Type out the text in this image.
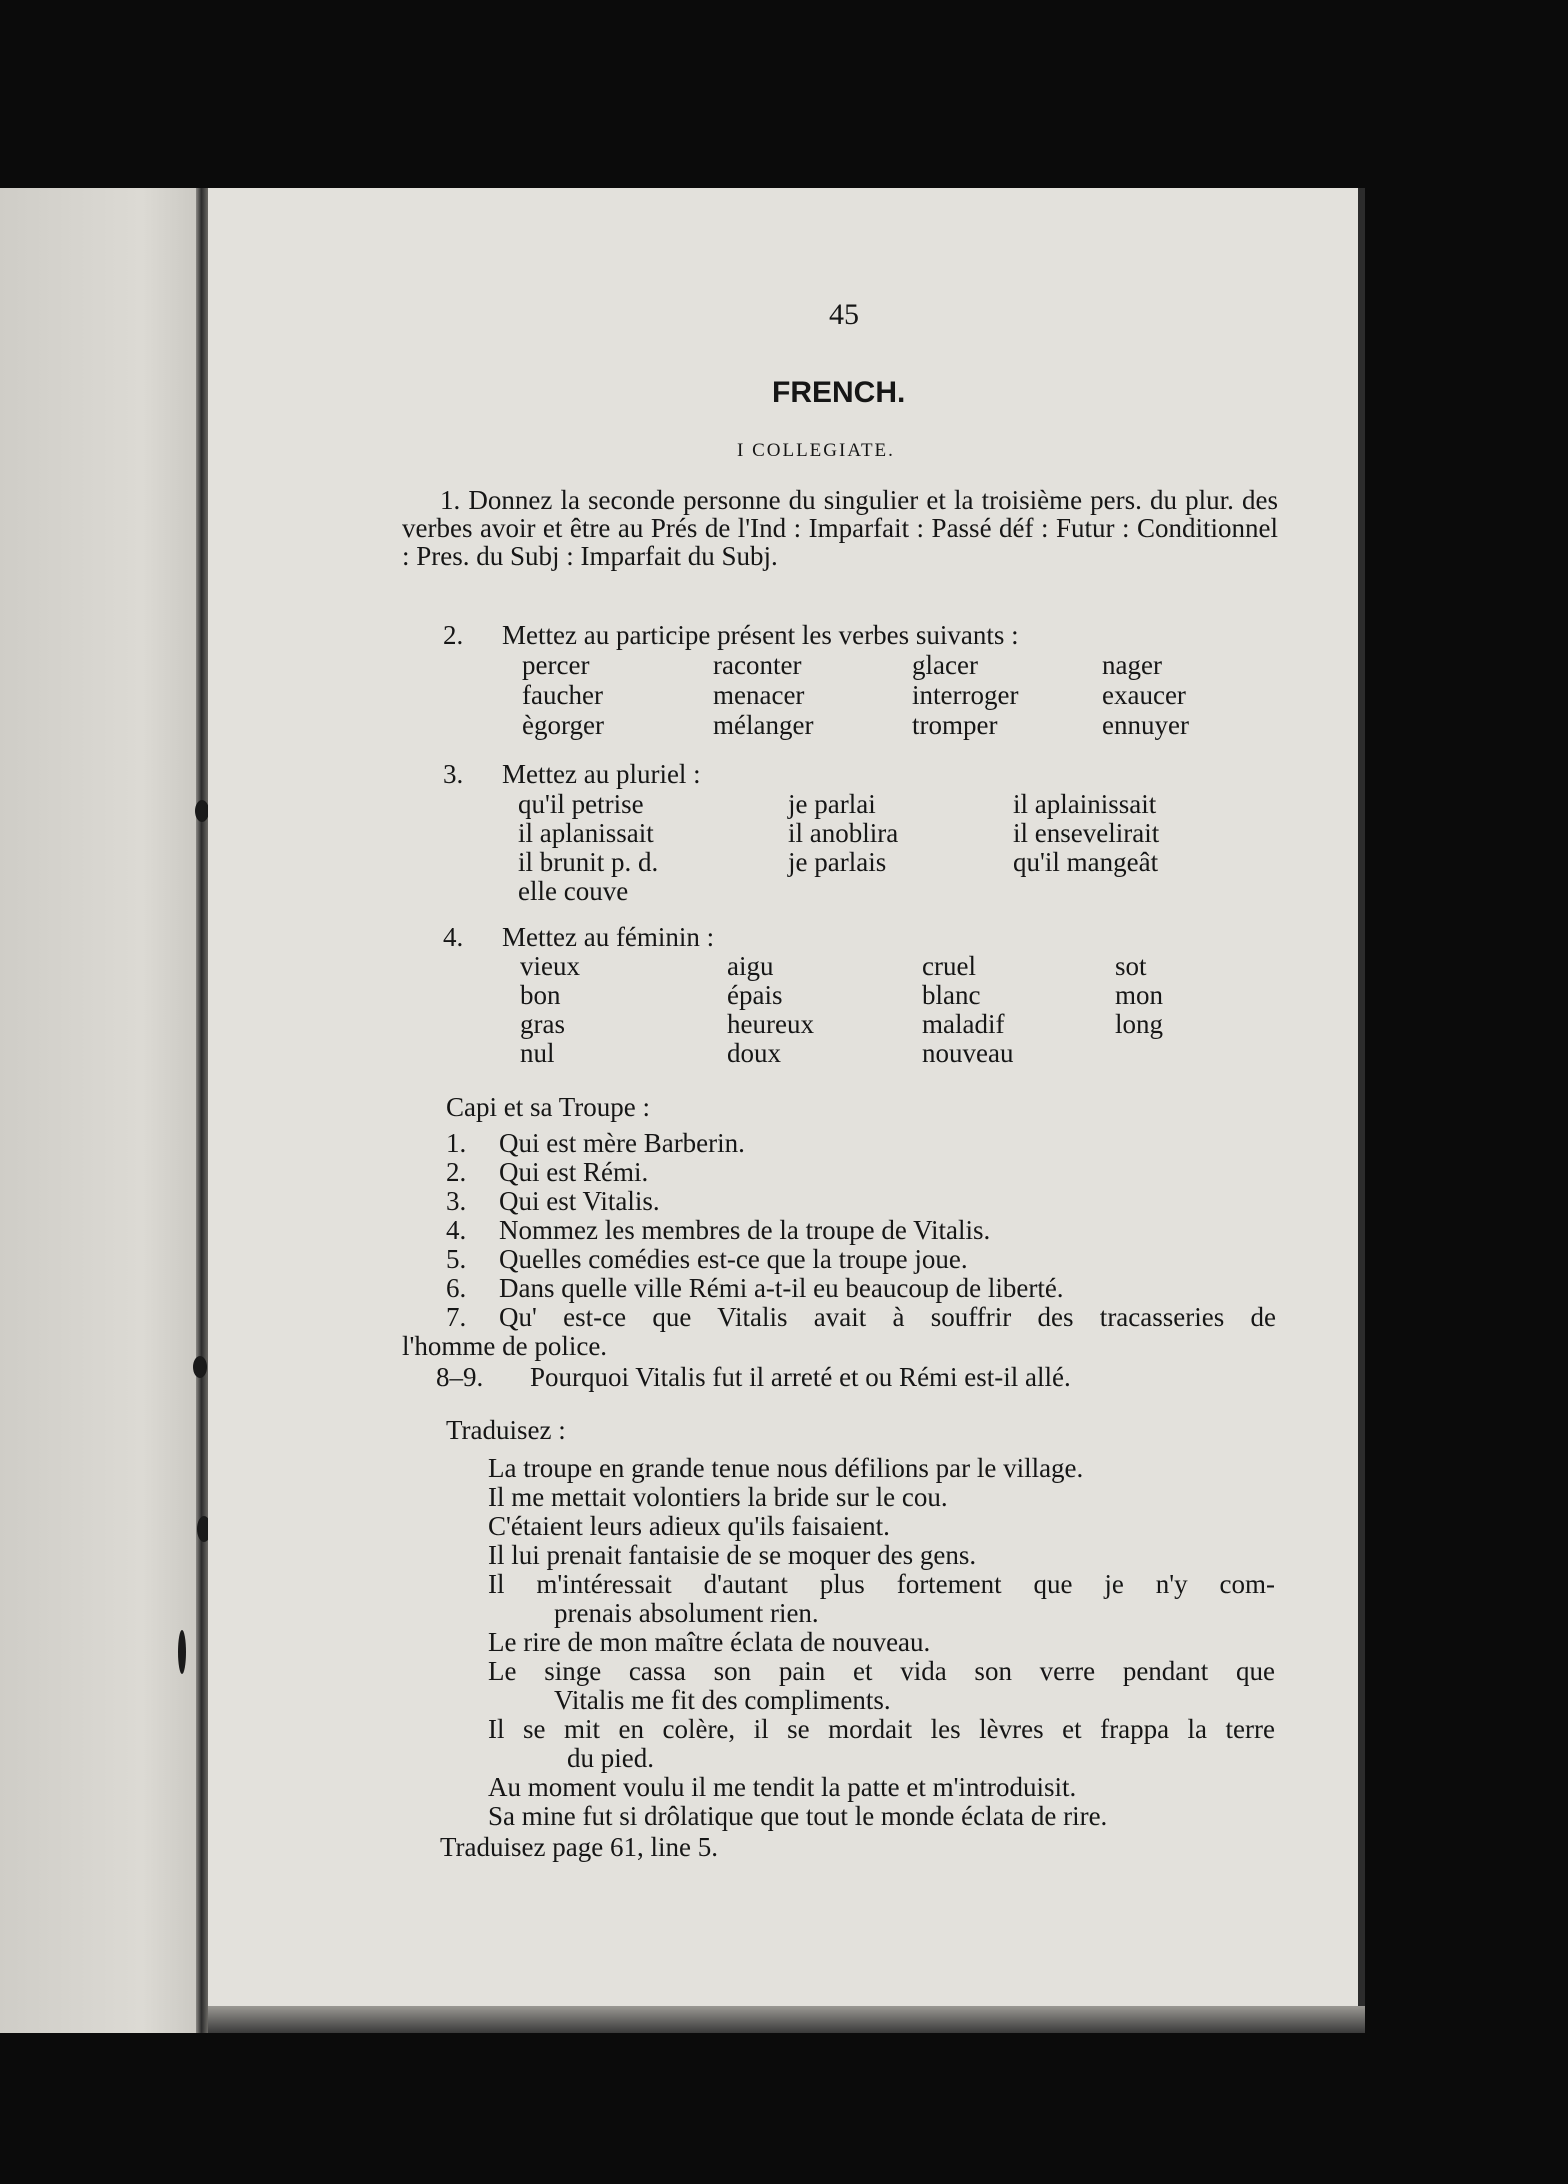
45
FRENCH.
I COLLEGIATE.
1. Donnez la seconde personne du singulier et la troisième pers. du plur. des verbes avoir et être au Prés de l'Ind : Imparfait : Passé déf : Futur : Conditionnel : Pres. du Subj : Imparfait du Subj.
2. Mettez au participe présent les verbes suivants :
percer	raconter	glacer	nager
faucher	menacer	interroger	exaucer
ègorger	mélanger	tromper	ennuyer
3. Mettez au pluriel :
qu'il petrise	je parlai	il aplainissait
il aplanissait	il anoblira	il ensevelirait
il brunit p. d.	je parlais	qu'il mangeât
elle couve
4. Mettez au féminin :
vieux	aigu	cruel	sot
bon	épais	blanc	mon
gras	heureux	maladif	long
nul	doux	nouveau
Capi et sa Troupe :
1.	Qui est mère Barberin.
2.	Qui est Rémi.
3.	Qui est Vitalis.
4.	Nommez les membres de la troupe de Vitalis.
5.	Quelles comédies est-ce que la troupe joue.
6.	Dans quelle ville Rémi a-t-il eu beaucoup de liberté.
7.	Qu' est-ce que Vitalis avait à souffrir des tracasseries de
l'homme de police.
8–9. Pourquoi Vitalis fut il arreté et ou Rémi est-il allé.
Traduisez :
La troupe en grande tenue nous défilions par le village.
Il me mettait volontiers la bride sur le cou.
C'étaient leurs adieux qu'ils faisaient.
Il lui prenait fantaisie de se moquer des gens.
Il m'intéressait d'autant plus fortement que je n'y com-
prenais absolument rien.
Le rire de mon maître éclata de nouveau.
Le singe cassa son pain et vida son verre pendant que
Vitalis me fit des compliments.
Il se mit en colère, il se mordait les lèvres et frappa la terre
du pied.
Au moment voulu il me tendit la patte et m'introduisit.
Sa mine fut si drôlatique que tout le monde éclata de rire.
Traduisez page 61, line 5.
